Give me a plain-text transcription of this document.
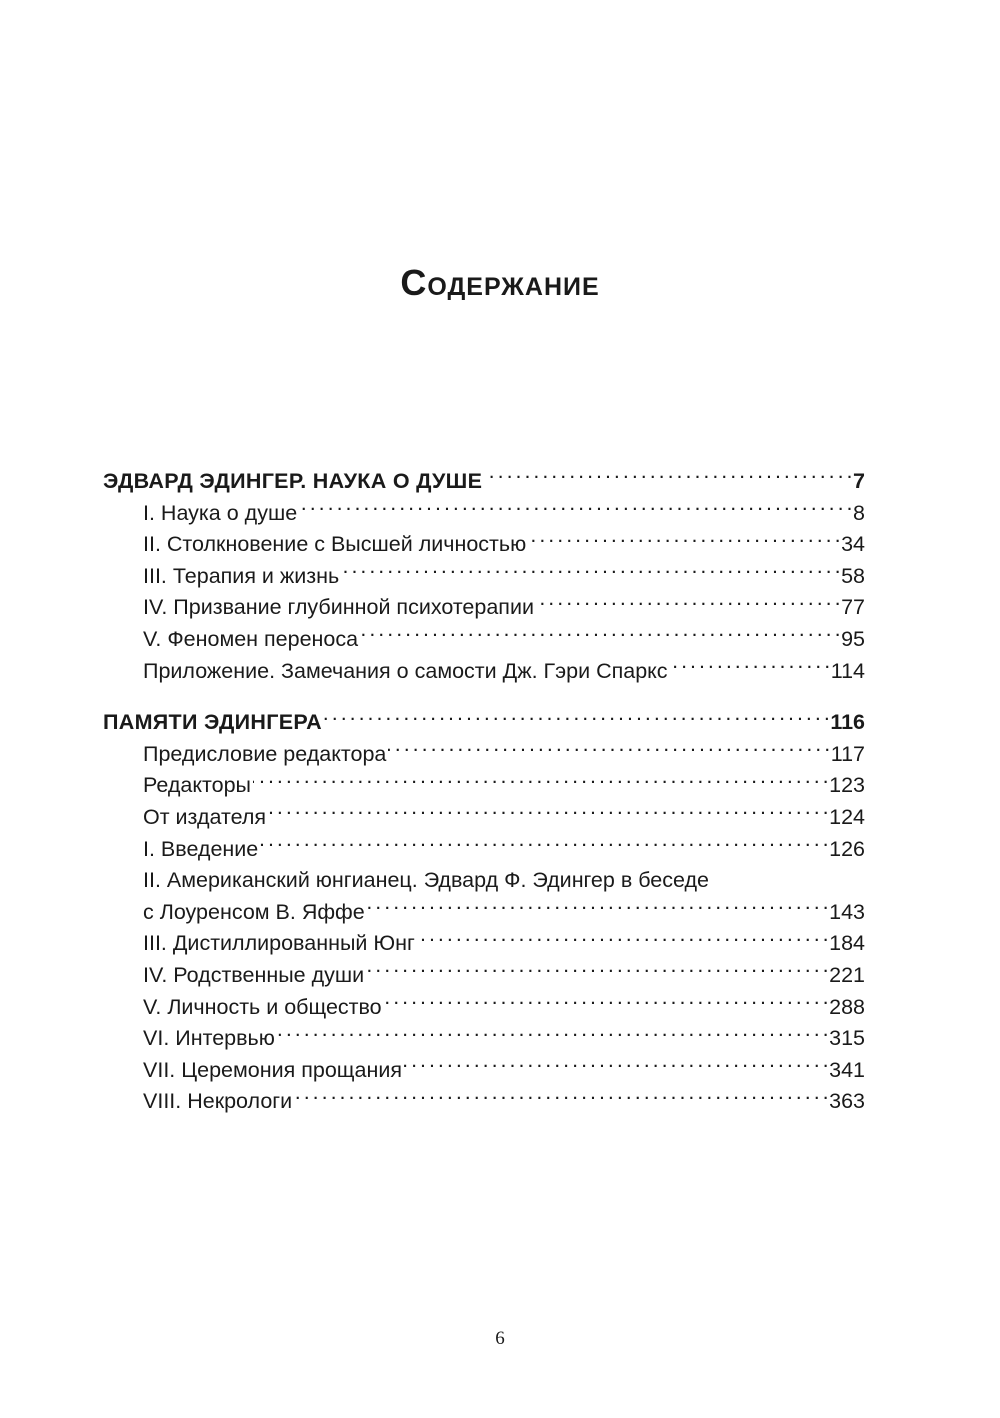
Содержание
ЭДВАРД ЭДИНГЕР. НАУКА О ДУШЕ . . .	7
I. Наука о душе . . .	8
II. Столкновение с Высшей личностью . . .	34
III. Терапия и жизнь . . .	58
IV. Призвание глубинной психотерапии . . .	77
V. Феномен переноса . . .	95
Приложение. Замечания о самости Дж. Гэри Спаркс . . .	114
ПАМЯТИ ЭДИНГЕРА . . .	116
Предисловие редактора . . .	117
Редакторы . . .	123
От издателя . . .	124
I. Введение . . .	126
II. Американский юнгианец. Эдвард Ф. Эдингер в беседе
с Лоуренсом В. Яффе . . .	143
III. Дистиллированный Юнг . . .	184
IV. Родственные души . . .	221
V. Личность и общество . . .	288
VI. Интервью . . .	315
VII. Церемония прощания . . .	341
VIII. Некрологи . . .	363
6
